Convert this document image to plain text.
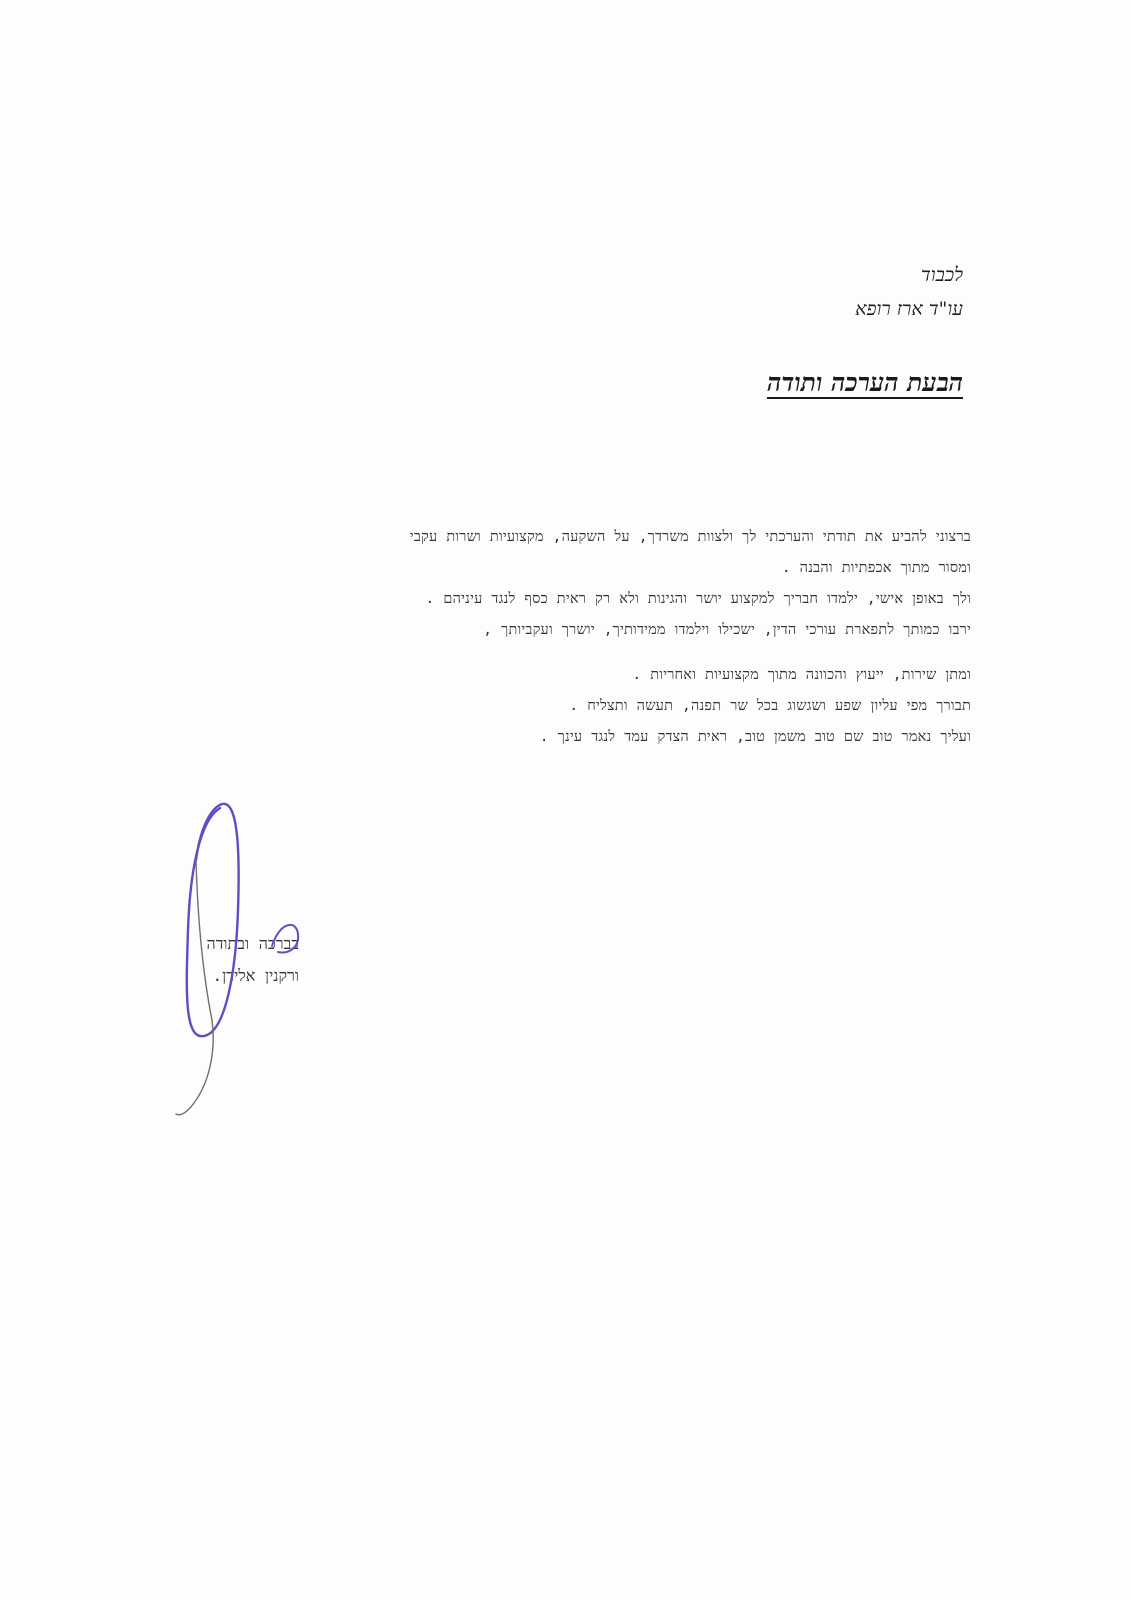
לכבוד
עו"ד ארז רופא
הבעת הערכה ותודה

ברצוני להביע את תודתי והערכתי לך ולצוות משרדך, על השקעה, מקצועיות ושרות עקבי

ומסור מתוך אכפתיות והבנה .

ולך באופן אישי, ילמדו חבריך למקצוע יושר והגינות ולא רק ראית כסף לנגד עיניהם .

ירבו כמותך לתפארת עורכי הדין, ישכילו וילמדו ממידותיך, יושרך ועקביותך ,

ומתן שירות, ייעוץ והכוונה מתוך מקצועיות ואחריות .

תבורך מפי עליון שפע ושגשוג בכל שר תפנה, תעשה ותצליח .

ועליך נאמר טוב שם טוב משמן טוב, ראית הצדק עמד לנגד עינך .

בברכה ובתודה

ורקנין אלירן.
